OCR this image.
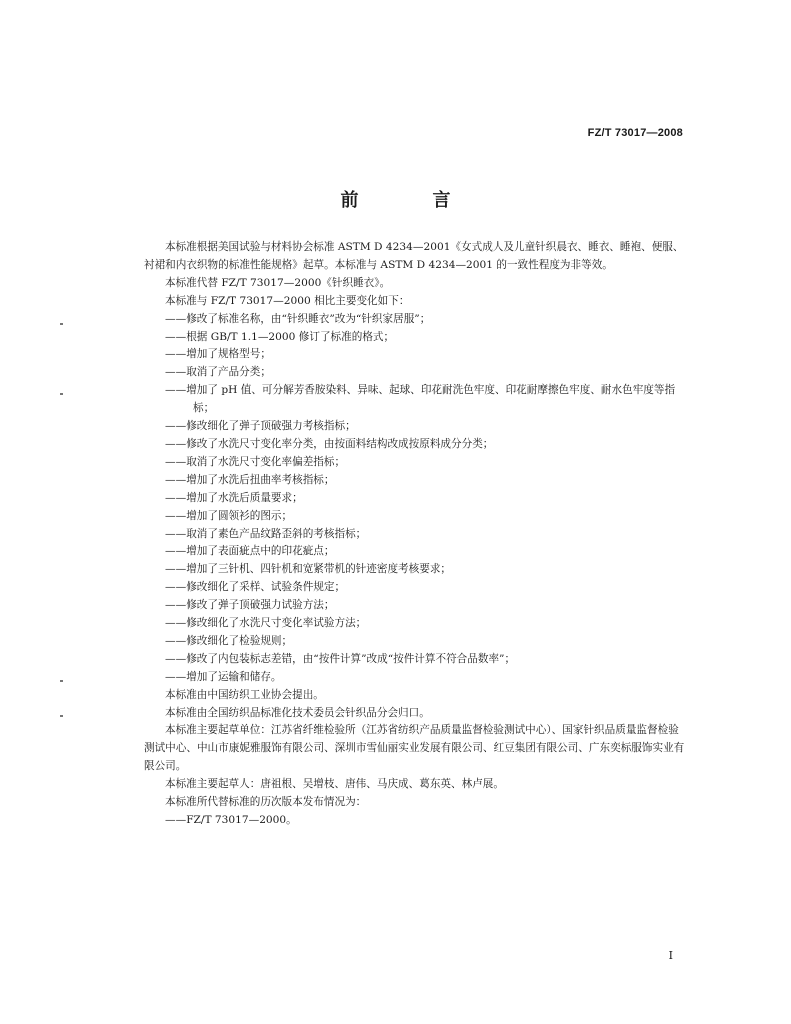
FZ/T 73017—2008
前　言

本标准根据美国试验与材料协会标准 ASTM D 4234—2001《女式成人及儿童针织晨衣、睡衣、睡袍、便服、衬裙和内衣织物的标准性能规格》起草。本标准与 ASTM D 4234—2001 的一致性程度为非等效。

本标准代替 FZ/T 73017—2000《针织睡衣》。

本标准与 FZ/T 73017—2000 相比主要变化如下：

——修改了标准名称，由“针织睡衣”改为“针织家居服”；

——根据 GB/T 1.1—2000 修订了标准的格式；

——增加了规格型号；

——取消了产品分类；

——增加了 pH 值、可分解芳香胺染料、异味、起球、印花耐洗色牢度、印花耐摩擦色牢度、耐水色牢度等指标；

——修改细化了弹子顶破强力考核指标；

——修改了水洗尺寸变化率分类，由按面料结构改成按原料成分分类；

——取消了水洗尺寸变化率偏差指标；

——增加了水洗后扭曲率考核指标；

——增加了水洗后质量要求；

——增加了圆领衫的图示；

——取消了素色产品纹路歪斜的考核指标；

——增加了表面疵点中的印花疵点；

——增加了三针机、四针机和宽紧带机的针迹密度考核要求；

——修改细化了采样、试验条件规定；

——修改了弹子顶破强力试验方法；

——修改细化了水洗尺寸变化率试验方法；

——修改细化了检验规则；

——修改了内包装标志差错，由“按件计算”改成“按件计算不符合品数率”；

——增加了运输和储存。

本标准由中国纺织工业协会提出。

本标准由全国纺织品标准化技术委员会针织品分会归口。

本标准主要起草单位：江苏省纤维检验所（江苏省纺织产品质量监督检验测试中心）、国家针织品质量监督检验测试中心、中山市康妮雅服饰有限公司、深圳市雪仙丽实业发展有限公司、红豆集团有限公司、广东奕标服饰实业有限公司。

本标准主要起草人：唐祖根、吴增枝、唐伟、马庆成、葛东英、林卢展。

本标准所代替标准的历次版本发布情况为：

——FZ/T 73017—2000。

I
